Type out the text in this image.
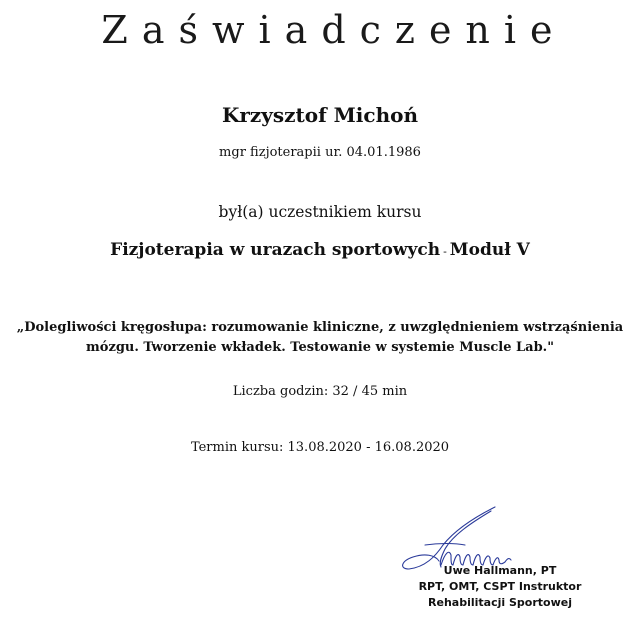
Zaświadczenie
Krzysztof Michoń
mgr fizjoterapii ur. 04.01.1986
był(a) uczestnikiem kursu
Fizjoterapia w urazach sportowych - Moduł V
„Dolegliwości kręgosłupa: rozumowanie kliniczne, z uwzględnieniem wstrząśnienia
mózgu. Tworzenie wkładek. Testowanie w systemie Muscle Lab."
Liczba godzin: 32 / 45 min
Termin kursu: 13.08.2020 - 16.08.2020
Uwe Hallmann, PT
RPT, OMT, CSPT Instruktor
Rehabilitacji Sportowej
